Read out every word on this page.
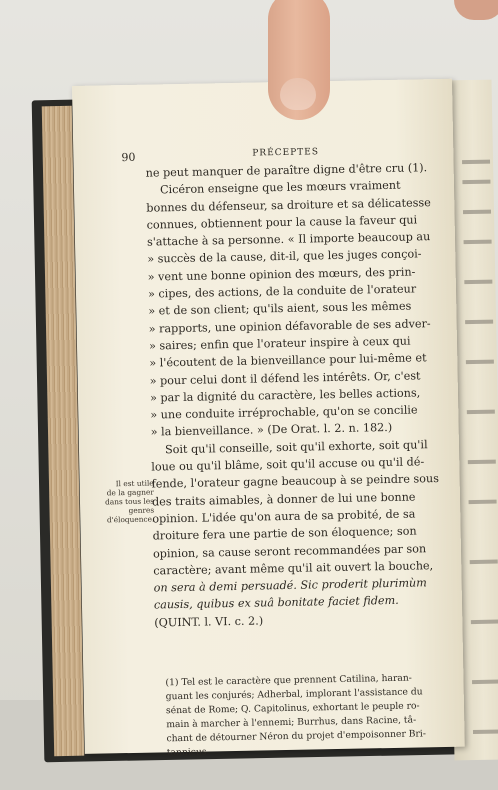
90	PRÉCEPTES
ne peut manquer de paraître digne d'être cru (1).
Cicéron enseigne que les mœurs vraiment
bonnes du défenseur, sa droiture et sa délicatesse
connues, obtiennent pour la cause la faveur qui
s'attache à sa personne. « Il importe beaucoup au
» succès de la cause, dit-il, que les juges conçoi-
» vent une bonne opinion des mœurs, des prin-
» cipes, des actions, de la conduite de l'orateur
» et de son client; qu'ils aient, sous les mêmes
» rapports, une opinion défavorable de ses adver-
» saires; enfin que l'orateur inspire à ceux qui
» l'écoutent de la bienveillance pour lui-même et
» pour celui dont il défend les intérêts. Or, c'est
» par la dignité du caractère, les belles actions,
» une conduite irréprochable, qu'on se concilie
» la bienveillance. » (De Orat. l. 2. n. 182.)
Soit qu'il conseille, soit qu'il exhorte, soit qu'il
loue ou qu'il blâme, soit qu'il accuse ou qu'il dé-
fende, l'orateur gagne beaucoup à se peindre sous
des traits aimables, à donner de lui une bonne
opinion. L'idée qu'on aura de sa probité, de sa
droiture fera une partie de son éloquence; son
opinion, sa cause seront recommandées par son
caractère; avant même qu'il ait ouvert la bouche,
on sera à demi persuadé. Sic proderit plurimùm
causis, quibus ex suâ bonitate faciet fidem.
(QUINT. l. VI. c. 2.)
Il est utile
de la gagner
dans tous les
genres
d'éloquence.
(1) Tel est le caractère que prennent Catilina, haran-
guant les conjurés; Adherbal, implorant l'assistance du
sénat de Rome; Q. Capitolinus, exhortant le peuple ro-
main à marcher à l'ennemi; Burrhus, dans Racine, tâ-
chant de détourner Néron du projet d'empoisonner Bri-
tannicus.
